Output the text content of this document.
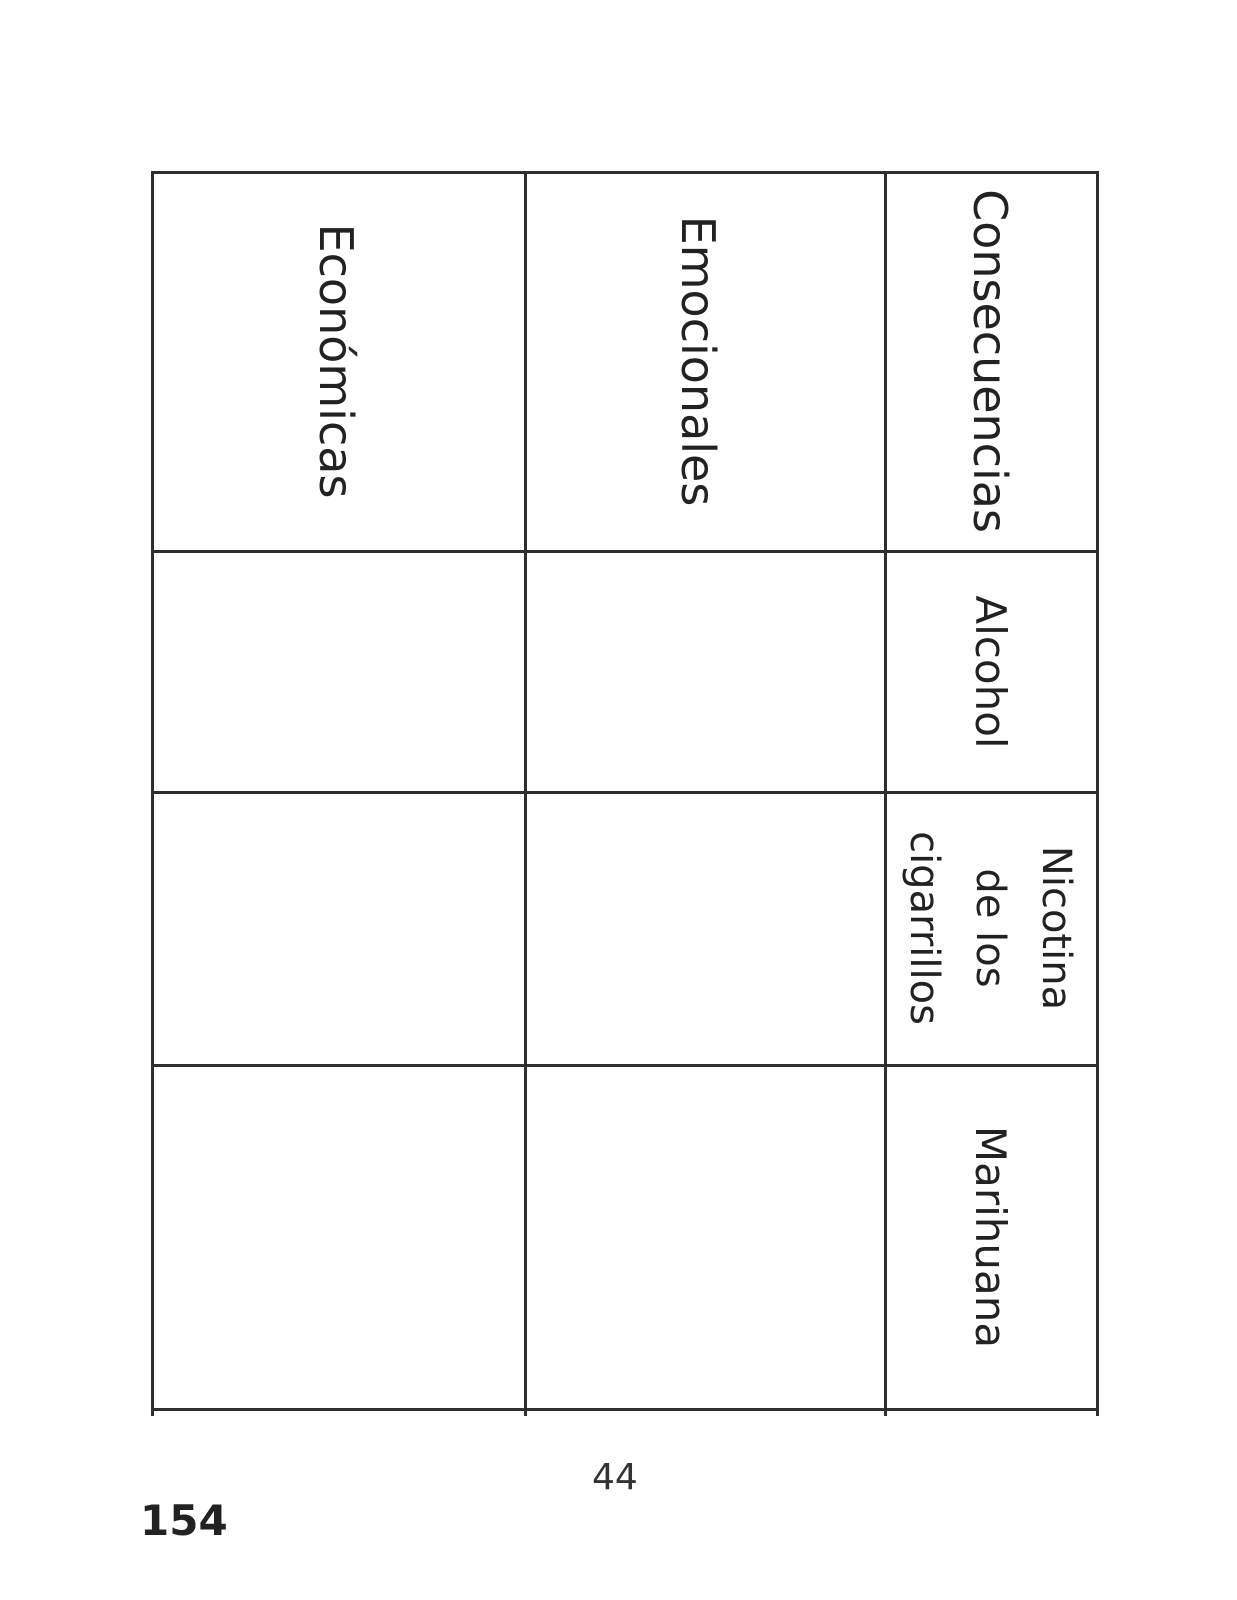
Consecuencias
Emocionales
Económicas
Alcohol
Nicotina
de los
cigarrillos
Marihuana
44
154
